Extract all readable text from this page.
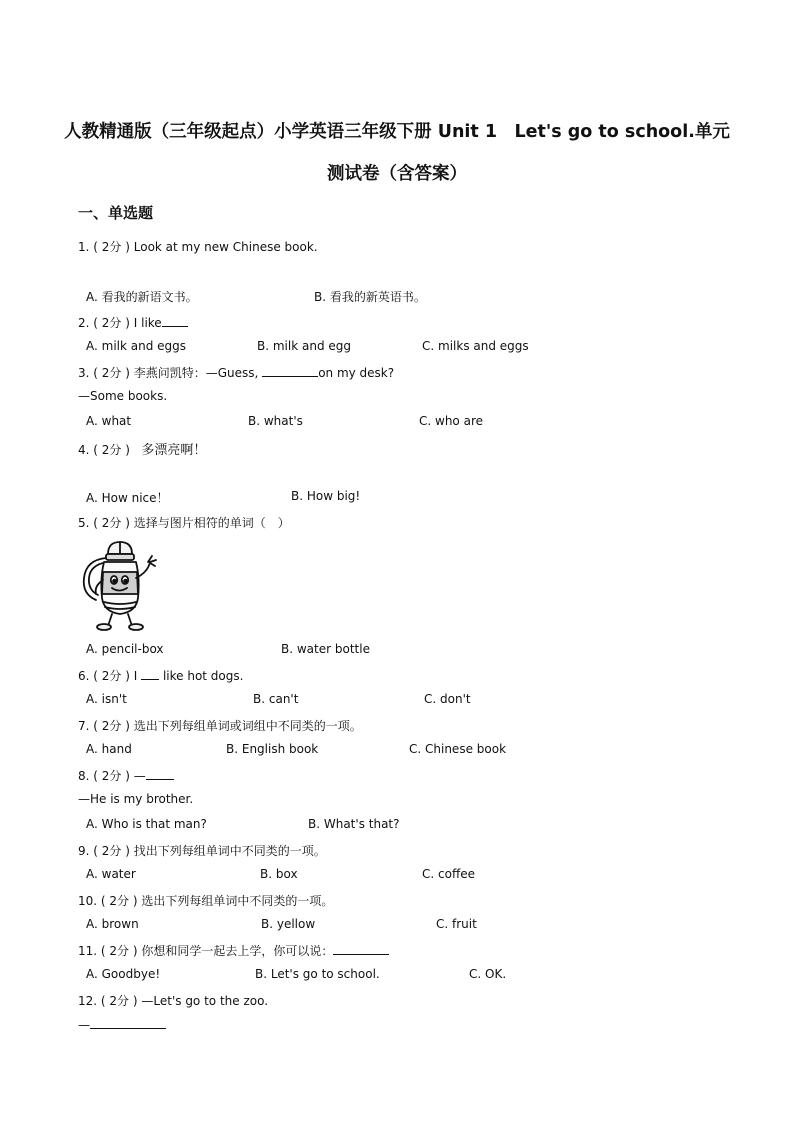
人教精通版（三年级起点）小学英语三年级下册 Unit 1　Let's go to school.单元
测试卷（含答案）
一、单选题
1. ( 2分 ) Look at my new Chinese book.
A. 看我的新语文书。	B. 看我的新英语书。
2. ( 2分 ) I like
A. milk and eggs	B. milk and egg	C. milks and eggs
3. ( 2分 ) 李燕问凯特：—Guess,	on my desk?
—Some books.
A. what	B. what's	C. who are
4. ( 2分 ) 多漂亮啊！
A. How nice！	B. How big!
5. ( 2分 ) 选择与图片相符的单词（　）
A. pencil-box	B. water bottle
6. ( 2分 ) I like hot dogs.
A. isn't	B. can't	C. don't
7. ( 2分 ) 选出下列每组单词或词组中不同类的一项。
A. hand	B. English book	C. Chinese book
8. ( 2分 ) —
—He is my brother.
A. Who is that man?	B. What's that?
9. ( 2分 ) 找出下列每组单词中不同类的一项。
A. water	B. box	C. coffee
10. ( 2分 ) 选出下列每组单词中不同类的一项。
A. brown	B. yellow	C. fruit
11. ( 2分 ) 你想和同学一起去上学，你可以说：
A. Goodbye!	B. Let's go to school.	C. OK.
12. ( 2分 ) —Let's go to the zoo.
—
